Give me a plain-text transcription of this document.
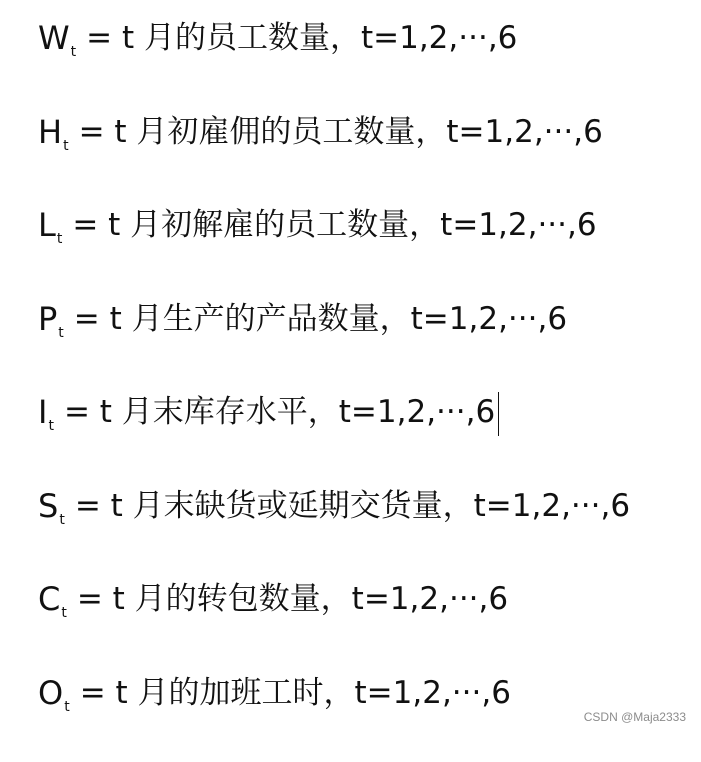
W t = t 月的员工数量，t=1,2,···,6
H t = t 月初雇佣的员工数量，t=1,2,···,6
L t = t 月初解雇的员工数量，t=1,2,···,6
P t = t 月生产的产品数量，t=1,2,···,6
I t = t 月末库存水平，t=1,2,···,6
S t = t 月末缺货或延期交货量，t=1,2,···,6
C t = t 月的转包数量，t=1,2,···,6
O t = t 月的加班工时，t=1,2,···,6
CSDN @Maja2333
